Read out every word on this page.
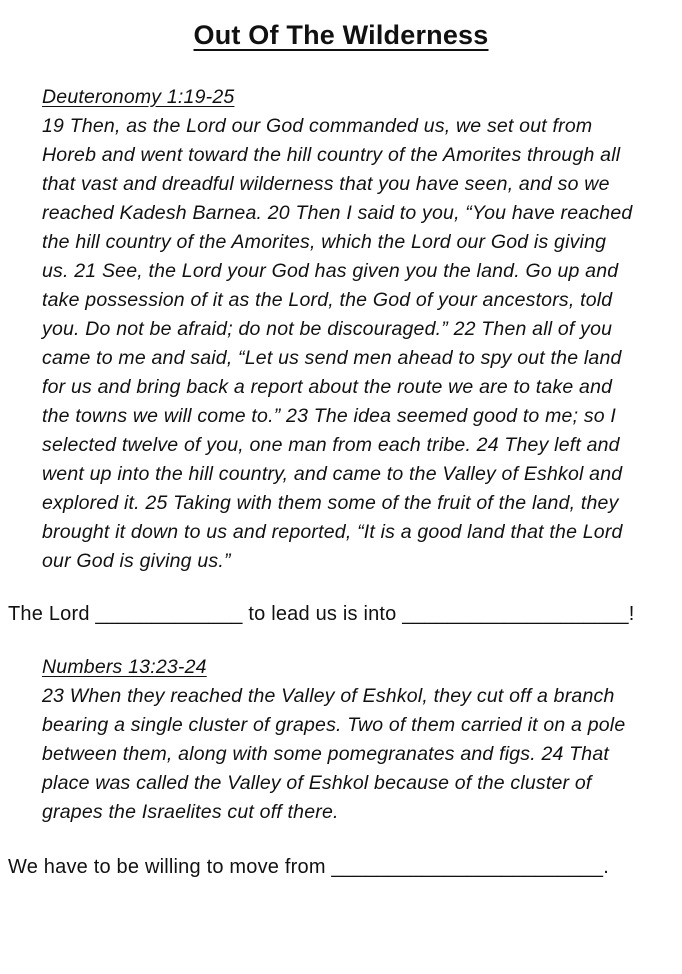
Out Of The Wilderness
Deuteronomy 1:19-25
19 Then, as the Lord our God commanded us, we set out from Horeb and went toward the hill country of the Amorites through all that vast and dreadful wilderness that you have seen, and so we reached Kadesh Barnea. 20 Then I said to you, “You have reached the hill country of the Amorites, which the Lord our God is giving us. 21 See, the Lord your God has given you the land. Go up and take possession of it as the Lord, the God of your ancestors, told you. Do not be afraid; do not be discouraged.” 22 Then all of you came to me and said, “Let us send men ahead to spy out the land for us and bring back a report about the route we are to take and the towns we will come to.” 23 The idea seemed good to me; so I selected twelve of you, one man from each tribe. 24 They left and went up into the hill country, and came to the Valley of Eshkol and explored it. 25 Taking with them some of the fruit of the land, they brought it down to us and reported, “It is a good land that the Lord our God is giving us.”
The Lord _____________ to lead us is into ____________________!
Numbers 13:23-24
23 When they reached the Valley of Eshkol, they cut off a branch bearing a single cluster of grapes. Two of them carried it on a pole between them, along with some pomegranates and figs. 24 That place was called the Valley of Eshkol because of the cluster of grapes the Israelites cut off there.
We have to be willing to move from ________________________.
